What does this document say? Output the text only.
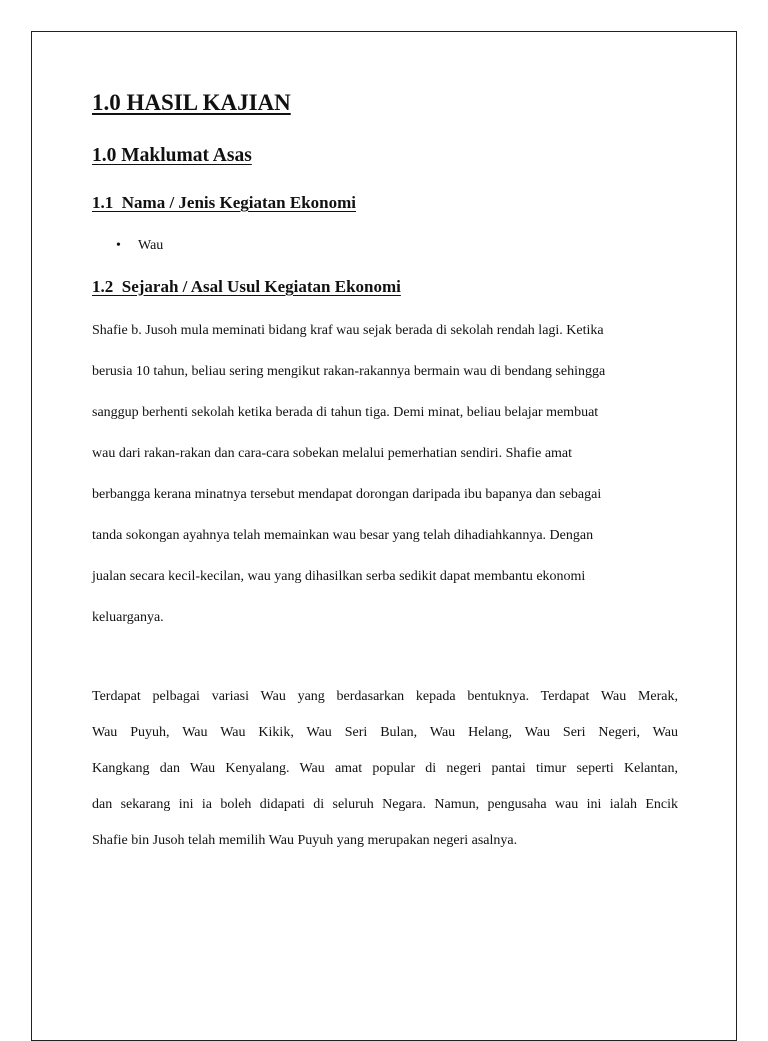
1.0 HASIL KAJIAN
1.0 Maklumat Asas
1.1  Nama / Jenis Kegiatan Ekonomi
• Wau
1.2  Sejarah / Asal Usul Kegiatan Ekonomi
Shafie b. Jusoh mula meminati bidang kraf wau sejak berada di sekolah rendah lagi. Ketika
berusia 10 tahun, beliau sering mengikut rakan-rakannya bermain wau di bendang sehingga
sanggup berhenti sekolah ketika berada di tahun tiga. Demi minat, beliau belajar membuat
wau dari rakan-rakan dan cara-cara sobekan melalui pemerhatian sendiri. Shafie amat
berbangga kerana minatnya tersebut mendapat dorongan daripada ibu bapanya dan sebagai
tanda sokongan ayahnya telah memainkan wau besar yang telah dihadiahkannya. Dengan
jualan secara kecil-kecilan, wau yang dihasilkan serba sedikit dapat membantu ekonomi
keluarganya.
Terdapat pelbagai variasi Wau yang berdasarkan kepada bentuknya. Terdapat Wau Merak,
Wau Puyuh, Wau Wau Kikik, Wau Seri Bulan, Wau Helang, Wau Seri Negeri, Wau
Kangkang dan Wau Kenyalang. Wau amat popular di negeri pantai timur seperti Kelantan,
dan sekarang ini ia boleh didapati di seluruh Negara. Namun, pengusaha wau ini ialah Encik
Shafie bin Jusoh telah memilih Wau Puyuh yang merupakan negeri asalnya.
